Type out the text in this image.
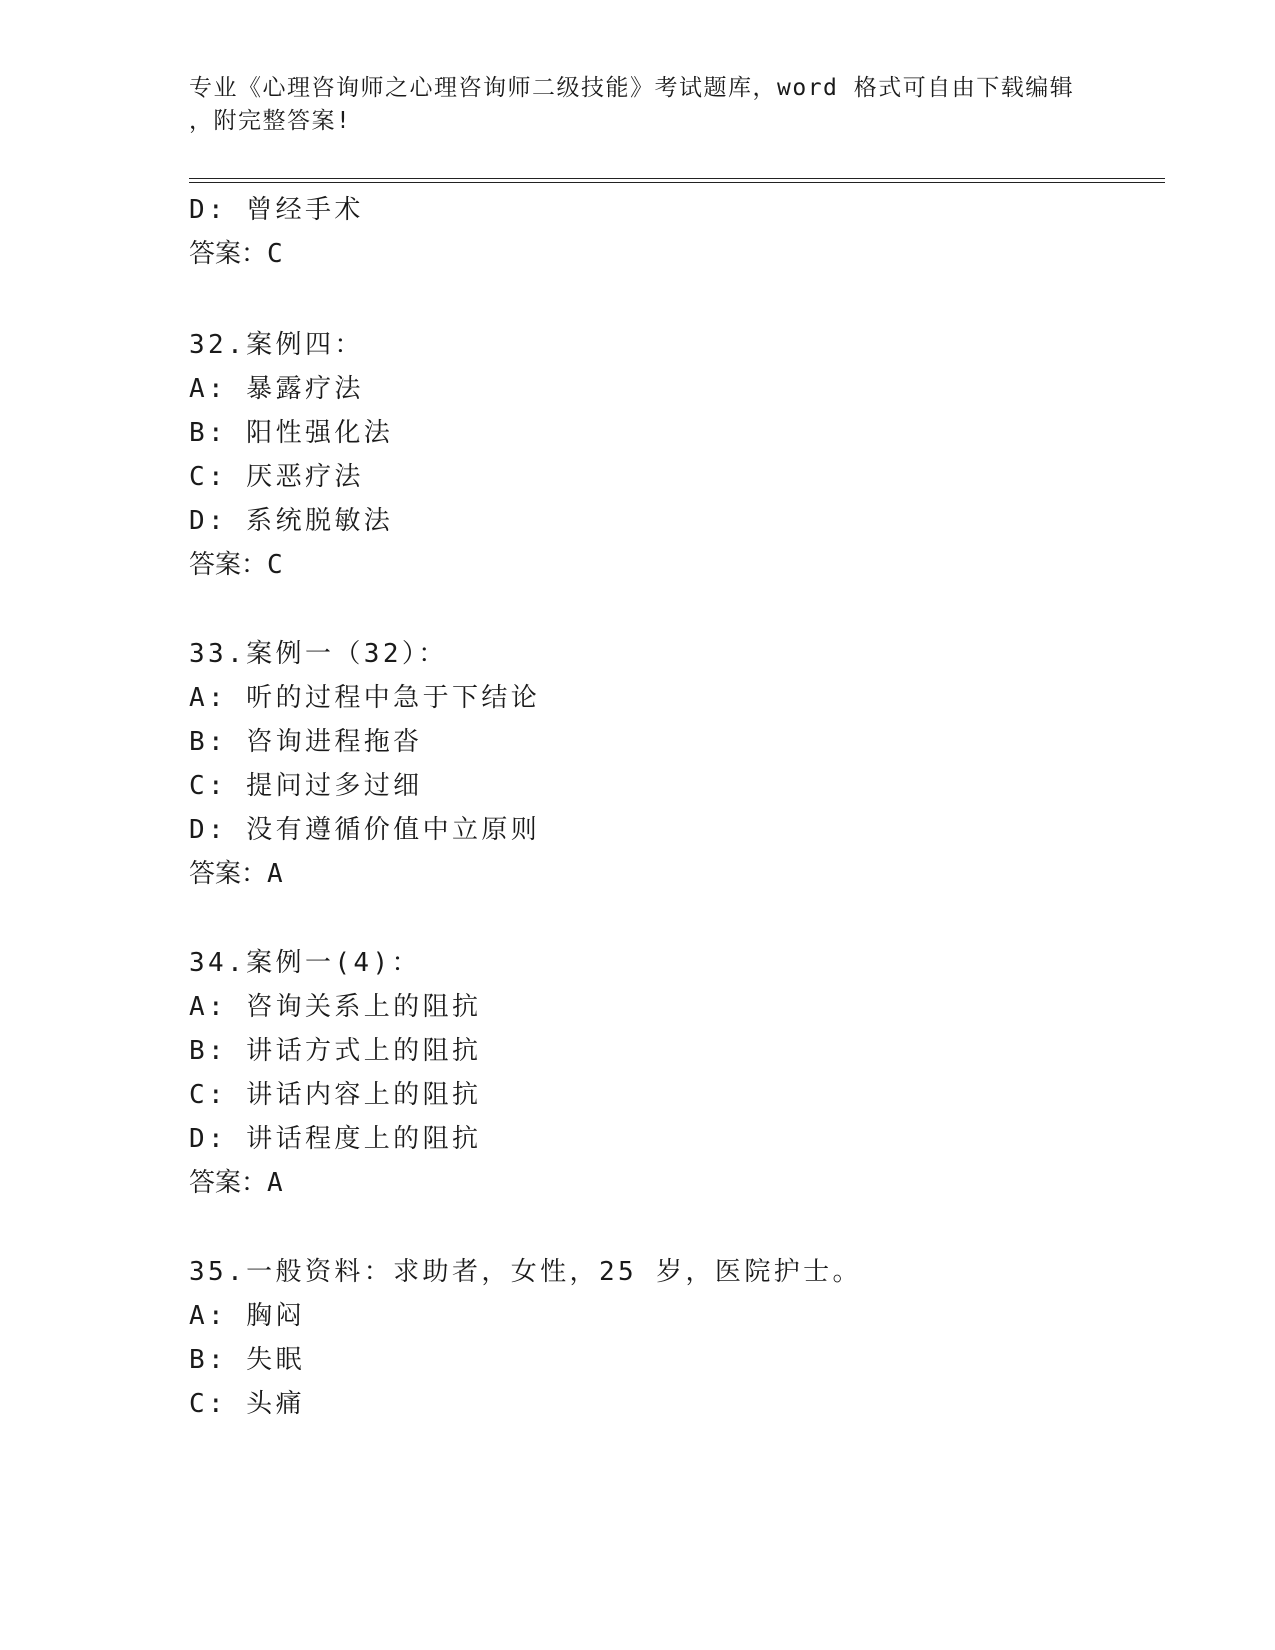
专业《心理咨询师之心理咨询师二级技能》考试题库，word 格式可自由下载编辑
，附完整答案!
D: 曾经手术
答案：C
32.案例四：
A: 暴露疗法
B: 阳性强化法
C: 厌恶疗法
D: 系统脱敏法
答案：C
33.案例一（32）：
A: 听的过程中急于下结论
B: 咨询进程拖沓
C: 提问过多过细
D: 没有遵循价值中立原则
答案：A
34.案例一(4)：
A: 咨询关系上的阻抗
B: 讲话方式上的阻抗
C: 讲话内容上的阻抗
D: 讲话程度上的阻抗
答案：A
35.一般资料：求助者，女性，25 岁，医院护士。
A: 胸闷
B: 失眠
C: 头痛
